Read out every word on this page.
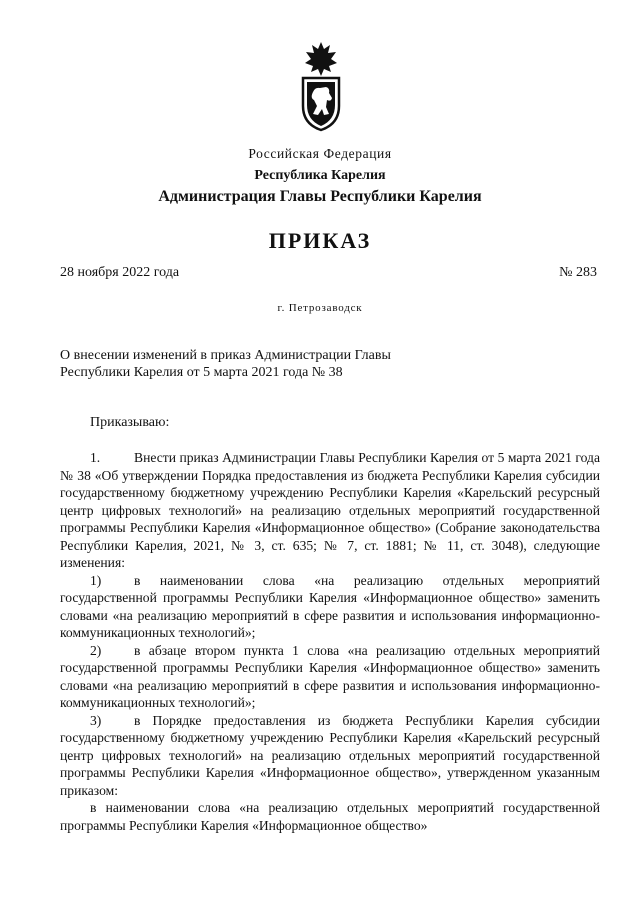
Российская Федерация
Республика Карелия
Администрация Главы Республики Карелия
ПРИКАЗ
28 ноября 2022 года	№ 283
г. Петрозаводск
О внесении изменений в приказ Администрации Главы
Республики Карелия от 5 марта 2021 года № 38
Приказываю:

1. Внести приказ Администрации Главы Республики Карелия от 5 марта 2021 года № 38 «Об утверждении Порядка предоставления из бюджета Республики Карелия субсидии государственному бюджетному учреждению Республики Карелия «Карельский ресурсный центр цифровых технологий» на реализацию отдельных мероприятий государственной программы Республики Карелия «Информационное общество» (Собрание законодательства Республики Карелия, 2021, № 3, ст. 635; № 7, ст. 1881; № 11, ст. 3048), следующие изменения:

1) в наименовании слова «на реализацию отдельных мероприятий государственной программы Республики Карелия «Информационное общество» заменить словами «на реализацию мероприятий в сфере развития и использования информационно-коммуникационных технологий»;

2) в абзаце втором пункта 1 слова «на реализацию отдельных мероприятий государственной программы Республики Карелия «Информационное общество» заменить словами «на реализацию мероприятий в сфере развития и использования информационно-коммуникационных технологий»;

3) в Порядке предоставления из бюджета Республики Карелия субсидии государственному бюджетному учреждению Республики Карелия «Карельский ресурсный центр цифровых технологий» на реализацию отдельных мероприятий государственной программы Республики Карелия «Информационное общество», утвержденном указанным приказом:

в наименовании слова «на реализацию отдельных мероприятий государственной программы Республики Карелия «Информационное общество»
